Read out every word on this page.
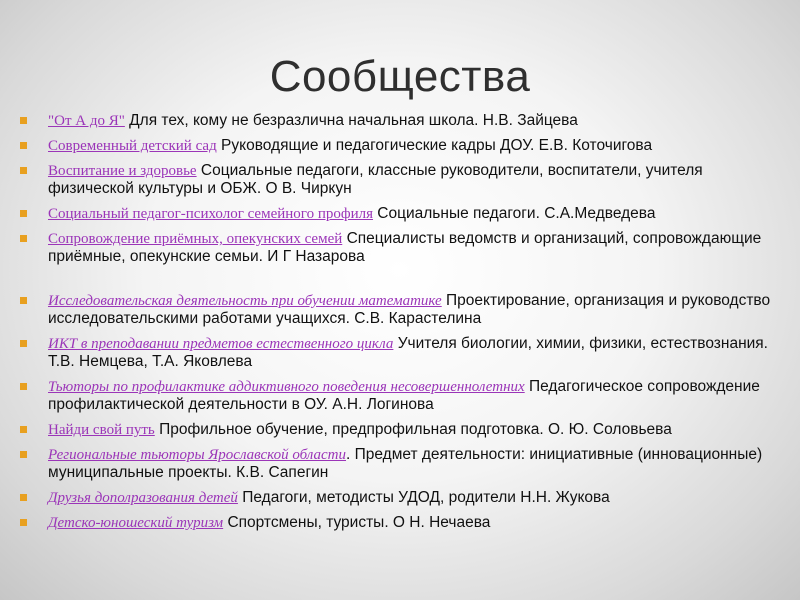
Сообщества
"От А до Я" Для тех, кому не безразлична начальная школа. Н.В. Зайцева
Современный детский сад Руководящие и педагогические кадры ДОУ. Е.В. Коточигова
Воспитание и здоровье Социальные педагоги, классные руководители, воспитатели, учителя физической культуры и ОБЖ. О В. Чиркун
Социальный педагог-психолог семейного профиля Социальные педагоги. С.А.Медведева
Сопровождение приёмных, опекунских семей Специалисты ведомств и организаций, сопровождающие приёмные, опекунские семьи. И Г Назарова
Исследовательская деятельность при обучении математике Проектирование, организация и руководство исследовательскими работами учащихся. С.В. Карастелина
ИКТ в преподавании предметов естественного цикла Учителя биологии, химии, физики, естествознания. Т.В. Немцева, Т.А. Яковлева
Тьюторы по профилактике аддиктивного поведения несовершеннолетних Педагогическое сопровождение профилактической деятельности в ОУ. А.Н. Логинова
Найди свой путь Профильное обучение, предпрофильная подготовка. О. Ю. Соловьева
Региональные тьюторы Ярославской области. Предмет деятельности: инициативные (инновационные) муниципальные проекты. К.В. Сапегин
Друзья дополразования детей Педагоги, методисты УДОД, родители Н.Н. Жукова
Детско-юношеский туризм Спортсмены, туристы. О Н. Нечаева
